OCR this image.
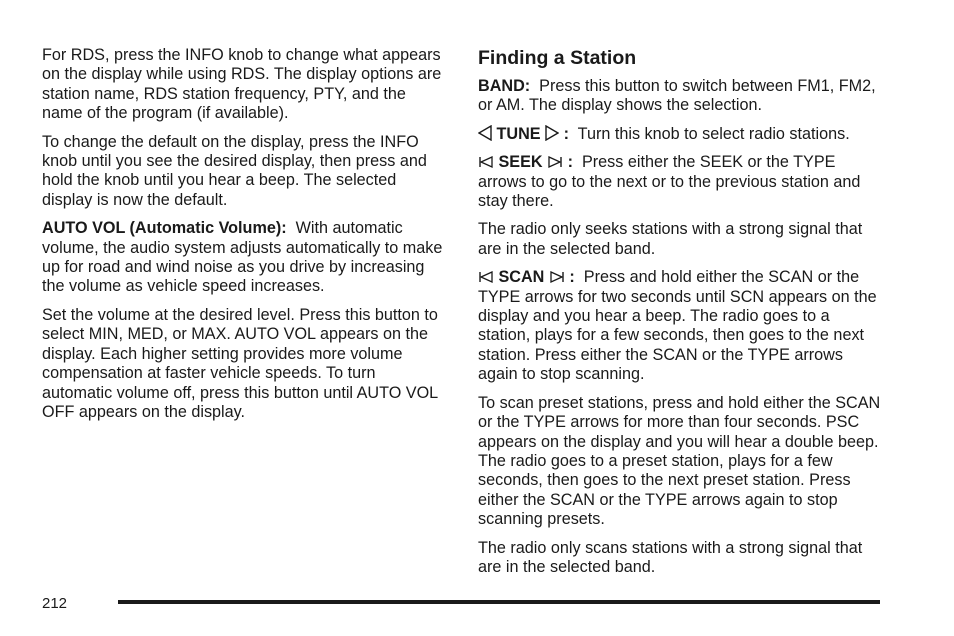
For RDS, press the INFO knob to change what appears on the display while using RDS. The display options are station name, RDS station frequency, PTY, and the name of the program (if available).

To change the default on the display, press the INFO knob until you see the desired display, then press and hold the knob until you hear a beep. The selected display is now the default.

AUTO VOL (Automatic Volume): With automatic volume, the audio system adjusts automatically to make up for road and wind noise as you drive by increasing the volume as vehicle speed increases.

Set the volume at the desired level. Press this button to select MIN, MED, or MAX. AUTO VOL appears on the display. Each higher setting provides more volume compensation at faster vehicle speeds. To turn automatic volume off, press this button until AUTO VOL OFF appears on the display.

Finding a Station

BAND: Press this button to switch between FM1, FM2, or AM. The display shows the selection.

TUNE : Turn this knob to select radio stations.

SEEK : Press either the SEEK or the TYPE arrows to go to the next or to the previous station and stay there.

The radio only seeks stations with a strong signal that are in the selected band.

SCAN : Press and hold either the SCAN or the TYPE arrows for two seconds until SCN appears on the display and you hear a beep. The radio goes to a station, plays for a few seconds, then goes to the next station. Press either the SCAN or the TYPE arrows again to stop scanning.

To scan preset stations, press and hold either the SCAN or the TYPE arrows for more than four seconds. PSC appears on the display and you will hear a double beep. The radio goes to a preset station, plays for a few seconds, then goes to the next preset station. Press either the SCAN or the TYPE arrows again to stop scanning presets.

The radio only scans stations with a strong signal that are in the selected band.

212
